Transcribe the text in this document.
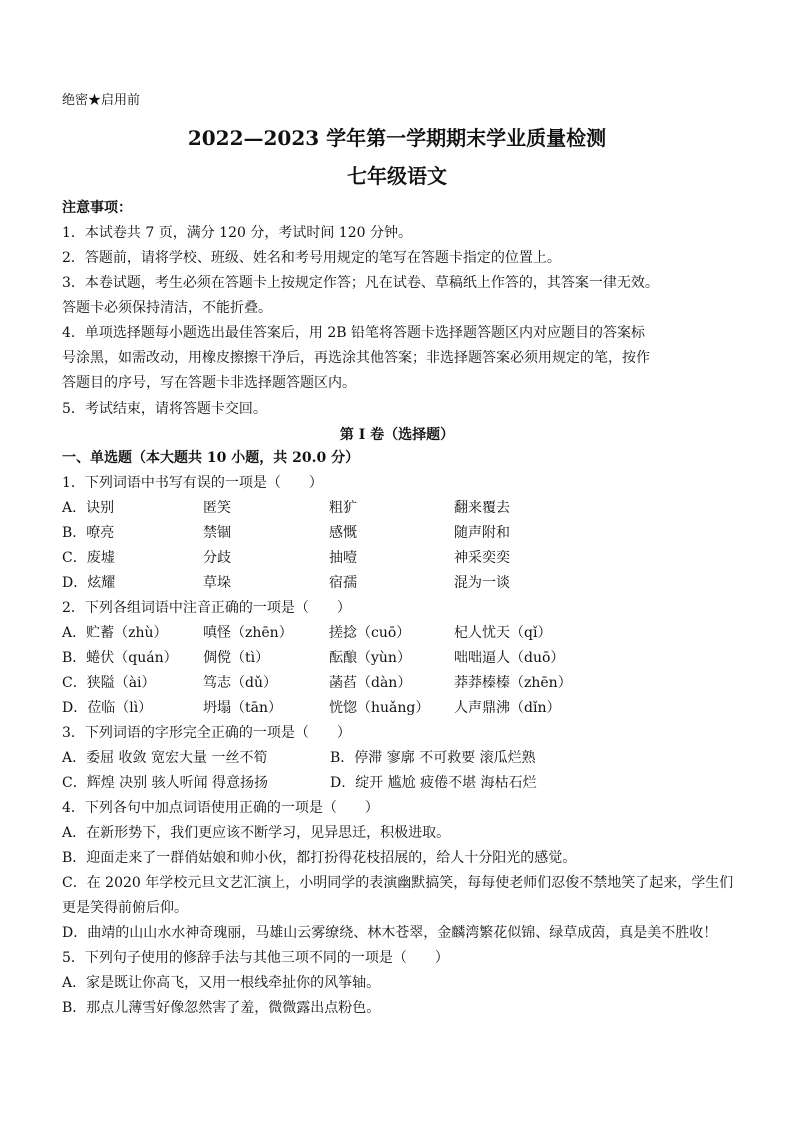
绝密★启用前
2022—2023 学年第一学期期末学业质量检测
七年级语文
注意事项：
1．本试卷共 7 页，满分 120 分，考试时间 120 分钟。
2．答题前，请将学校、班级、姓名和考号用规定的笔写在答题卡指定的位置上。
3．本卷试题，考生必须在答题卡上按规定作答；凡在试卷、草稿纸上作答的，其答案一律无效。
答题卡必须保持清洁，不能折叠。
4．单项选择题每小题选出最佳答案后，用 2B 铅笔将答题卡选择题答题区内对应题目的答案标
号涂黑，如需改动，用橡皮擦擦干净后，再选涂其他答案；非选择题答案必须用规定的笔，按作
答题目的序号，写在答题卡非选择题答题区内。
5．考试结束，请将答题卡交回。
第 I 卷（选择题）
一、单选题（本大题共 10 小题，共 20.0 分）
1．下列词语中书写有误的一项是（　　）
A．诀别	匿笑	粗犷	翻来覆去
B．嘹亮	禁锢	感慨	随声附和
C．废墟	分歧	抽噎	神采奕奕
D．炫耀	草垛	宿孺	混为一谈
2．下列各组词语中注音正确的一项是（　　）
A．贮蓄（zhù）	嗔怪（zhēn）	搓捻（cuō）	杞人忧天（qǐ）
B．蜷伏（quán） 倜傥（tì）	酝酿（yùn）	咄咄逼人（duō）
C．狭隘（ài）	笃志（dǔ）	菡萏（dàn）	莽莽榛榛（zhēn）
D．莅临（lì）	坍塌（tān）	恍惚（huǎng） 人声鼎沸（dǐn）
3．下列词语的字形完全正确的一项是（　　）
A．委屈 收敛 宽宏大量 一丝不筍	B．停滞 寥廓 不可救要 滚瓜烂熟
C．辉煌 决别 骇人听闻 得意扬扬	D．绽开 尴尬 疲倦不堪 海枯石烂
4．下列各句中加点词语使用正确的一项是（　　）
A．在新形势下，我们更应该不断学习，见异思迁，积极进取。
B．迎面走来了一群俏姑娘和帅小伙，都打扮得花枝招展的，给人十分阳光的感觉。
C．在 2020 年学校元旦文艺汇演上，小明同学的表演幽默搞笑，每每使老师们忍俊不禁地笑了起来，学生们
更是笑得前俯后仰。
D．曲靖的山山水水神奇瑰丽，马雄山云雾缭绕、林木苍翠，金麟湾繁花似锦、绿草成茵，真是美不胜收！
5．下列句子使用的修辞手法与其他三项不同的一项是（　　）
A．家是既让你高飞，又用一根线牵扯你的风筝轴。
B．那点儿薄雪好像忽然害了羞，微微露出点粉色。
